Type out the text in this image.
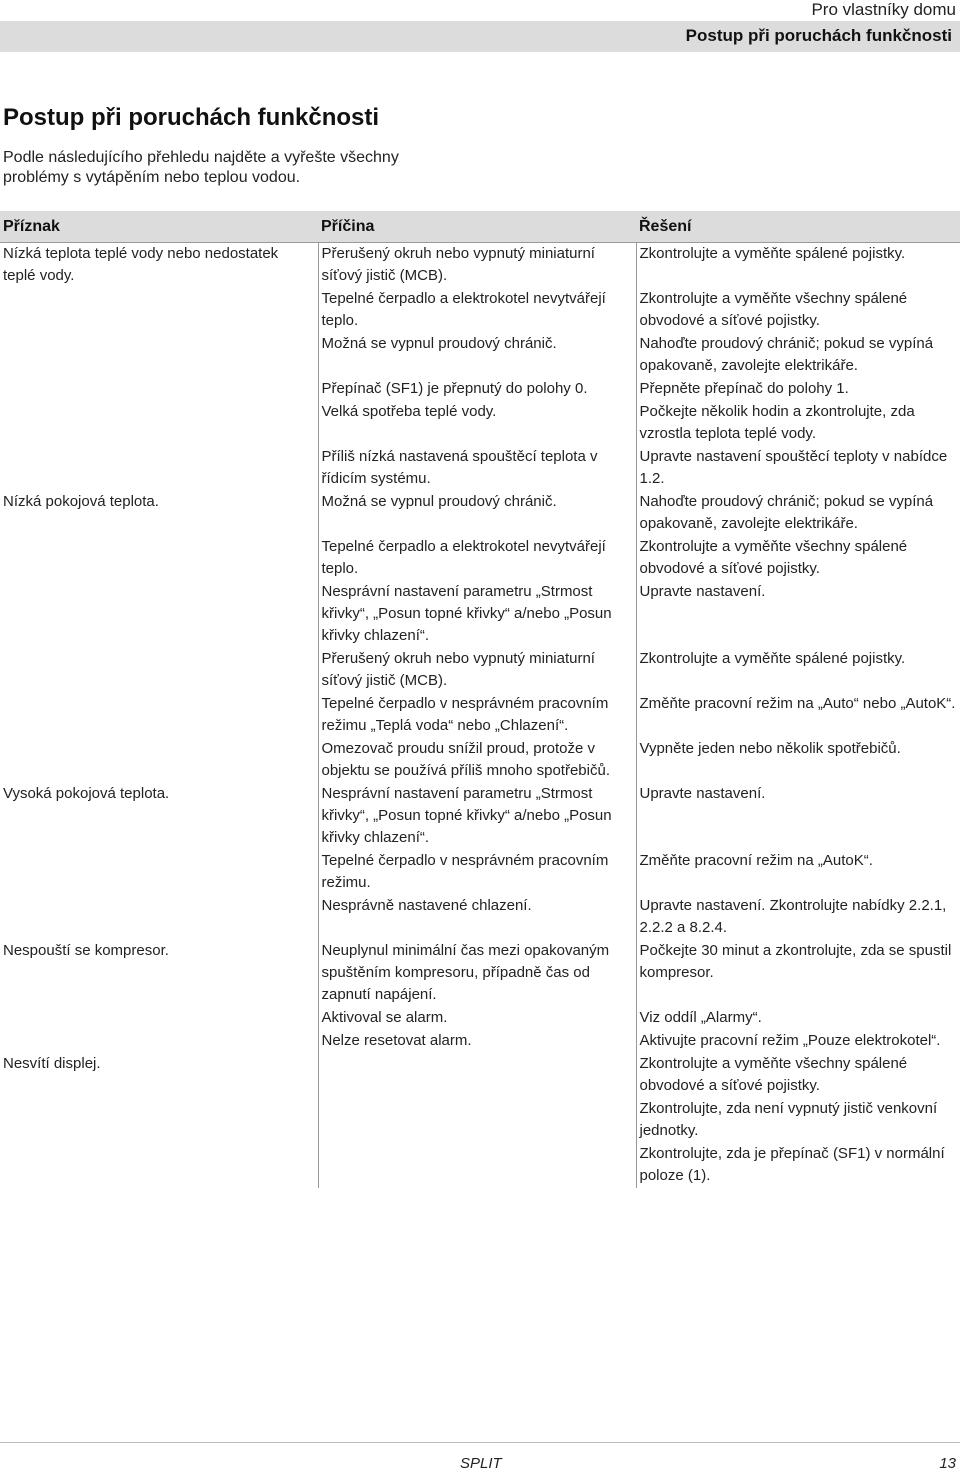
Pro vlastníky domu
Postup při poruchách funkčnosti
Postup při poruchách funkčnosti

Podle následujícího přehledu najděte a vyřešte všechny problémy s vytápěním nebo teplou vodou.

Příznak	Příčina	Řešení
Nízká teplota teplé vody nebo nedostatek teplé vody.	Přerušený okruh nebo vypnutý miniaturní síťový jistič (MCB).	Zkontrolujte a vyměňte spálené pojistky.
	Tepelné čerpadlo a elektrokotel nevytvářejí teplo.	Zkontrolujte a vyměňte všechny spálené obvodové a síťové pojistky.
	Možná se vypnul proudový chránič.	Nahoďte proudový chránič; pokud se vypíná opakovaně, zavolejte elektrikáře.
	Přepínač (SF1) je přepnutý do polohy 0.	Přepněte přepínač do polohy 1.
	Velká spotřeba teplé vody.	Počkejte několik hodin a zkontrolujte, zda vzrostla teplota teplé vody.
	Příliš nízká nastavená spouštěcí teplota v řídicím systému.	Upravte nastavení spouštěcí teploty v nabídce 1.2.
Nízká pokojová teplota.	Možná se vypnul proudový chránič.	Nahoďte proudový chránič; pokud se vypíná opakovaně, zavolejte elektrikáře.
	Tepelné čerpadlo a elektrokotel nevytvářejí teplo.	Zkontrolujte a vyměňte všechny spálené obvodové a síťové pojistky.
	Nesprávní nastavení parametru „Strmost křivky“, „Posun topné křivky“ a/nebo „Posun křivky chlazení“.	Upravte nastavení.
	Přerušený okruh nebo vypnutý miniaturní síťový jistič (MCB).	Zkontrolujte a vyměňte spálené pojistky.
	Tepelné čerpadlo v nesprávném pracovním režimu „Teplá voda“ nebo „Chlazení“.	Změňte pracovní režim na „Auto“ nebo „AutoK“.
	Omezovač proudu snížil proud, protože v objektu se používá příliš mnoho spotřebičů.	Vypněte jeden nebo několik spotřebičů.
Vysoká pokojová teplota.	Nesprávní nastavení parametru „Strmost křivky“, „Posun topné křivky“ a/nebo „Posun křivky chlazení“.	Upravte nastavení.
	Tepelné čerpadlo v nesprávném pracovním režimu.	Změňte pracovní režim na „AutoK“.
	Nesprávně nastavené chlazení.	Upravte nastavení. Zkontrolujte nabídky 2.2.1, 2.2.2 a 8.2.4.
Nespouští se kompresor.	Neuplynul minimální čas mezi opakovaným spuštěním kompresoru, případně čas od zapnutí napájení.	Počkejte 30 minut a zkontrolujte, zda se spustil kompresor.
	Aktivoval se alarm.	Viz oddíl „Alarmy“.
	Nelze resetovat alarm.	Aktivujte pracovní režim „Pouze elektrokotel“.
Nesvítí displej.		Zkontrolujte a vyměňte všechny spálené obvodové a síťové pojistky.
		Zkontrolujte, zda není vypnutý jistič venkovní jednotky.
		Zkontrolujte, zda je přepínač (SF1) v normální poloze (1).
SPLIT	13
